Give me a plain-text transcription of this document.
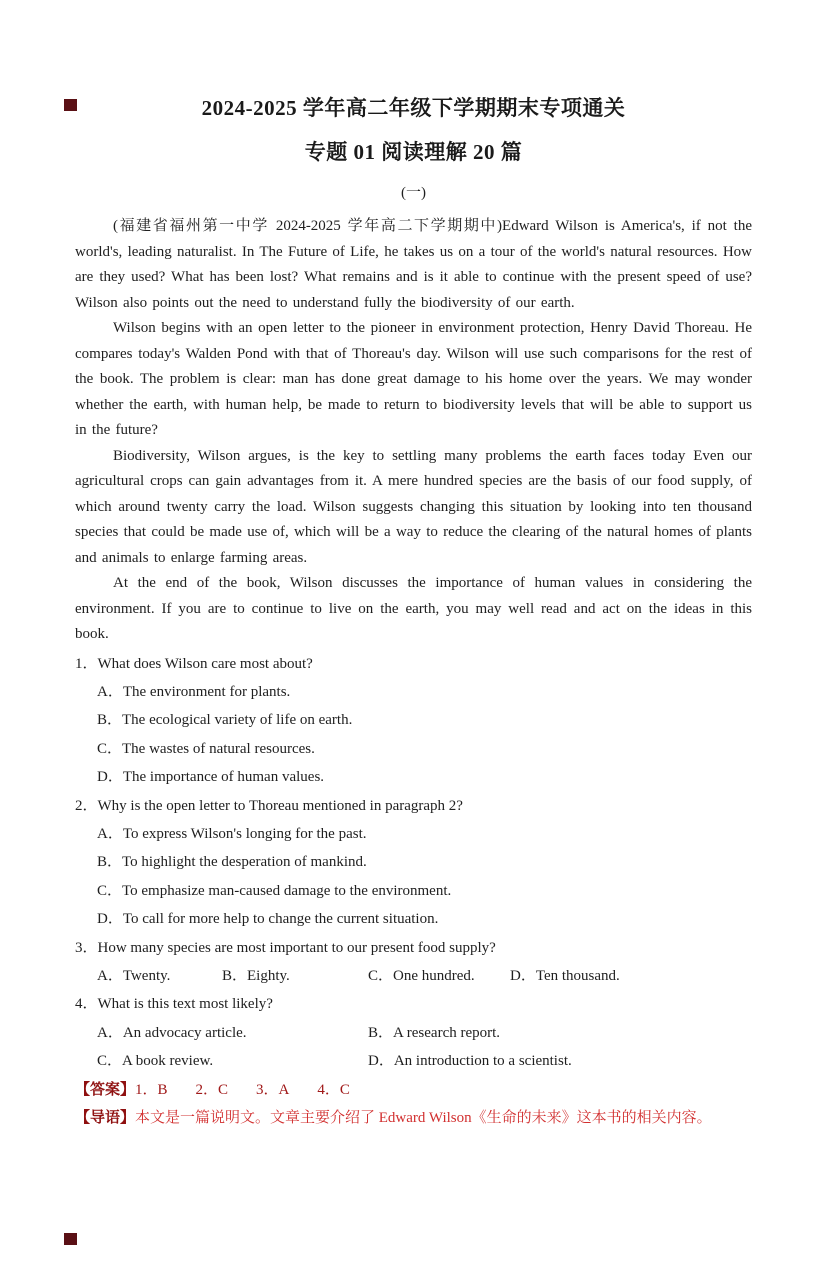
2024-2025 学年高二年级下学期期末专项通关
专题 01 阅读理解 20 篇
(一)

(福建省福州第一中学 2024-2025 学年高二下学期期中)Edward Wilson is America's, if not the world's, leading naturalist. In The Future of Life, he takes us on a tour of the world's natural resources. How are they used? What has been lost? What remains and is it able to continue with the present speed of use? Wilson also points out the need to understand fully the biodiversity of our earth.

Wilson begins with an open letter to the pioneer in environment protection, Henry David Thoreau. He compares today's Walden Pond with that of Thoreau's day. Wilson will use such comparisons for the rest of the book. The problem is clear: man has done great damage to his home over the years. We may wonder whether the earth, with human help, be made to return to biodiversity levels that will be able to support us in the future?

Biodiversity, Wilson argues, is the key to settling many problems the earth faces today Even our agricultural crops can gain advantages from it. A mere hundred species are the basis of our food supply, of which around twenty carry the load. Wilson suggests changing this situation by looking into ten thousand species that could be made use of, which will be a way to reduce the clearing of the natural homes of plants and animals to enlarge farming areas.

At the end of the book, Wilson discusses the importance of human values in considering the environment. If you are to continue to live on the earth, you may well read and act on the ideas in this book.

1．What does Wilson care most about?
A．The environment for plants.
B．The ecological variety of life on earth.
C．The wastes of natural resources.
D．The importance of human values.
2．Why is the open letter to Thoreau mentioned in paragraph 2?
A．To express Wilson's longing for the past.
B．To highlight the desperation of mankind.
C．To emphasize man-caused damage to the environment.
D．To call for more help to change the current situation.
3．How many species are most important to our present food supply?
A．Twenty.	B．Eighty.	C．One hundred. D．Ten thousand.
4．What is this text most likely?
A．An advocacy article.	B．A research report.
C．A book review.	D．An introduction to a scientist.
【答案】1．B 2．C 3．A 4．C
【导语】本文是一篇说明文。文章主要介绍了 Edward Wilson《生命的未来》这本书的相关内容。
